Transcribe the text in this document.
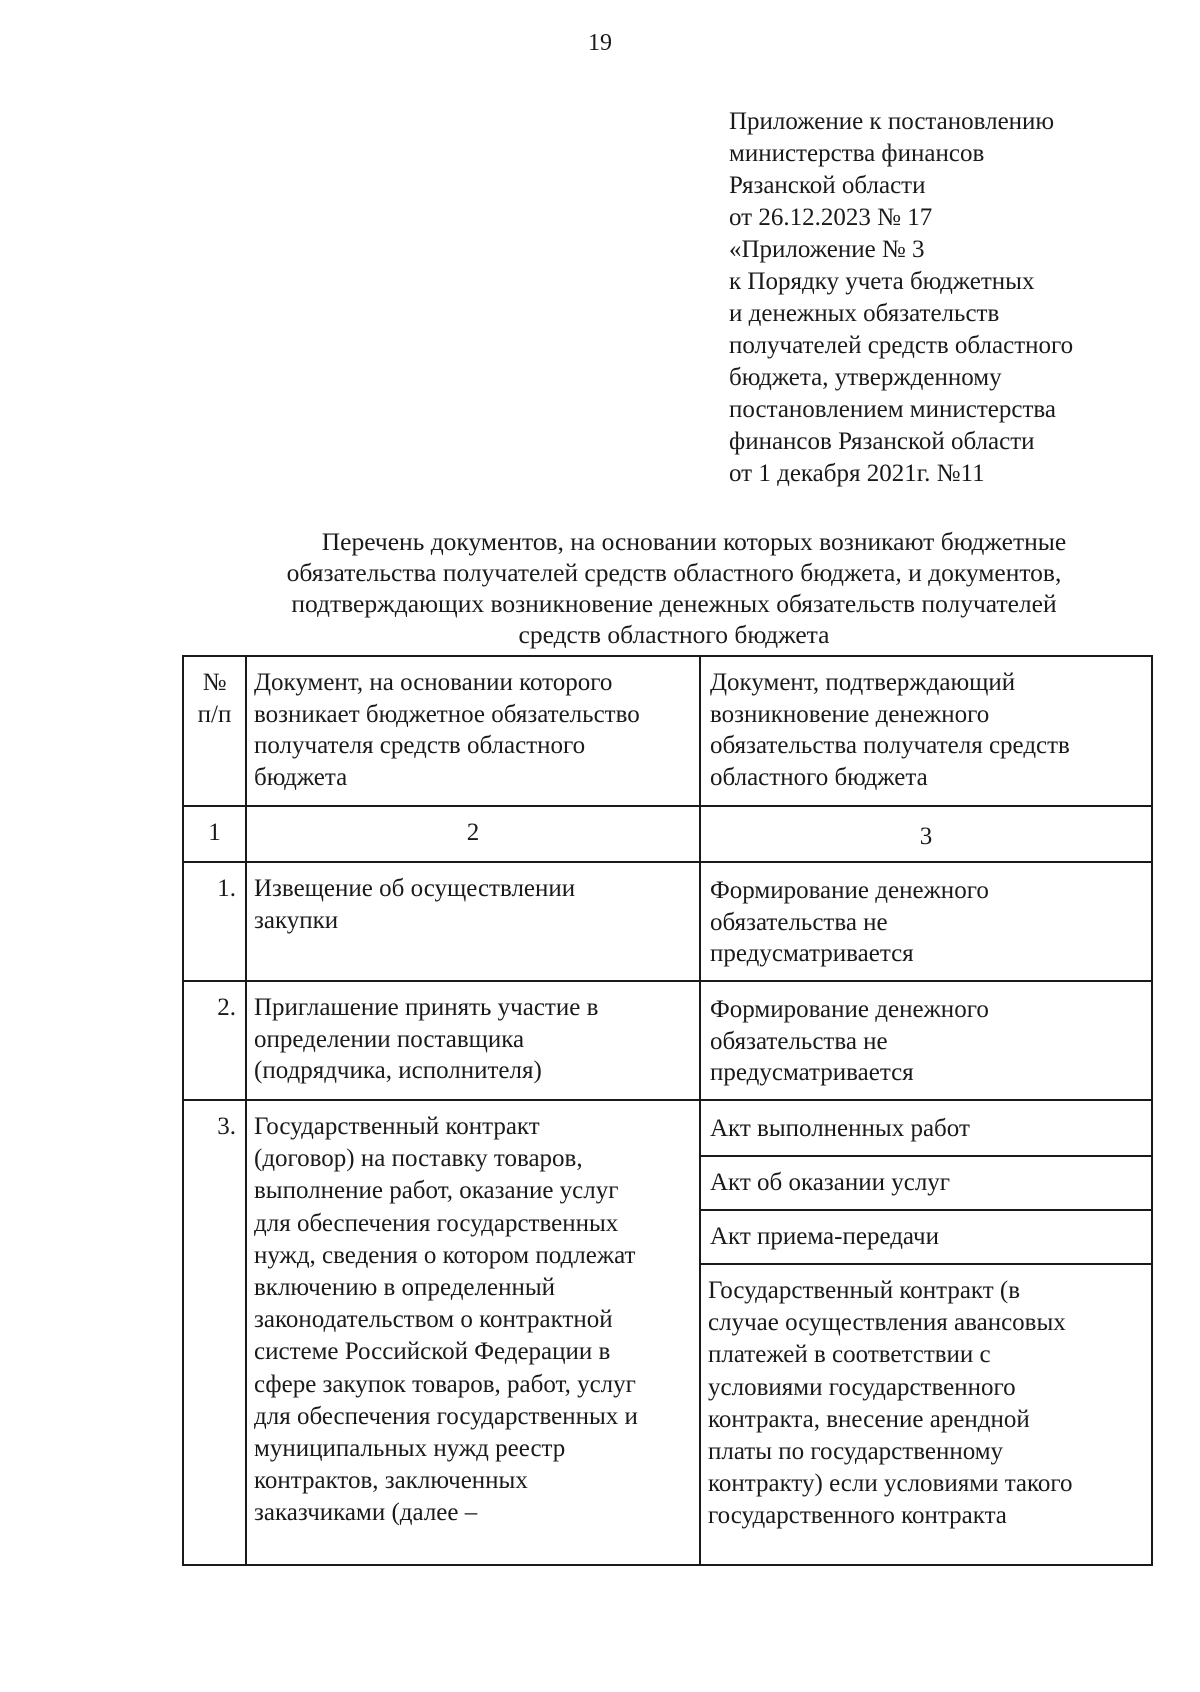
19
Приложение к постановлению
министерства финансов
Рязанской области
от 26.12.2023 № 17
«Приложение № 3
к Порядку учета бюджетных
и денежных обязательств
получателей средств областного
бюджета, утвержденному
постановлением министерства
финансов Рязанской области
от 1 декабря 2021г. №11
Перечень документов, на основании которых возникают бюджетные
обязательства получателей средств областного бюджета, и документов,
подтверждающих возникновение денежных обязательств получателей
средств областного бюджета
№
п/п
Документ, на основании которого
возникает бюджетное обязательство
получателя средств областного
бюджета
Документ, подтверждающий
возникновение денежного
обязательства получателя средств
областного бюджета
1	2	3
1. Извещение об осуществлении
закупки
Формирование денежного
обязательства не
предусматривается
2. Приглашение принять участие в
определении поставщика
(подрядчика, исполнителя)
Формирование денежного
обязательства не
предусматривается
3. Государственный контракт
(договор) на поставку товаров,
выполнение работ, оказание услуг
для обеспечения государственных
нужд, сведения о котором подлежат
включению в определенный
законодательством о контрактной
системе Российской Федерации в
сфере закупок товаров, работ, услуг
для обеспечения государственных и
муниципальных нужд реестр
контрактов, заключенных
заказчиками (далее –
Акт выполненных работ
Акт об оказании услуг
Акт приема-передачи
Государственный контракт (в
случае осуществления авансовых
платежей в соответствии с
условиями государственного
контракта, внесение арендной
платы по государственному
контракту) если условиями такого
государственного контракта
